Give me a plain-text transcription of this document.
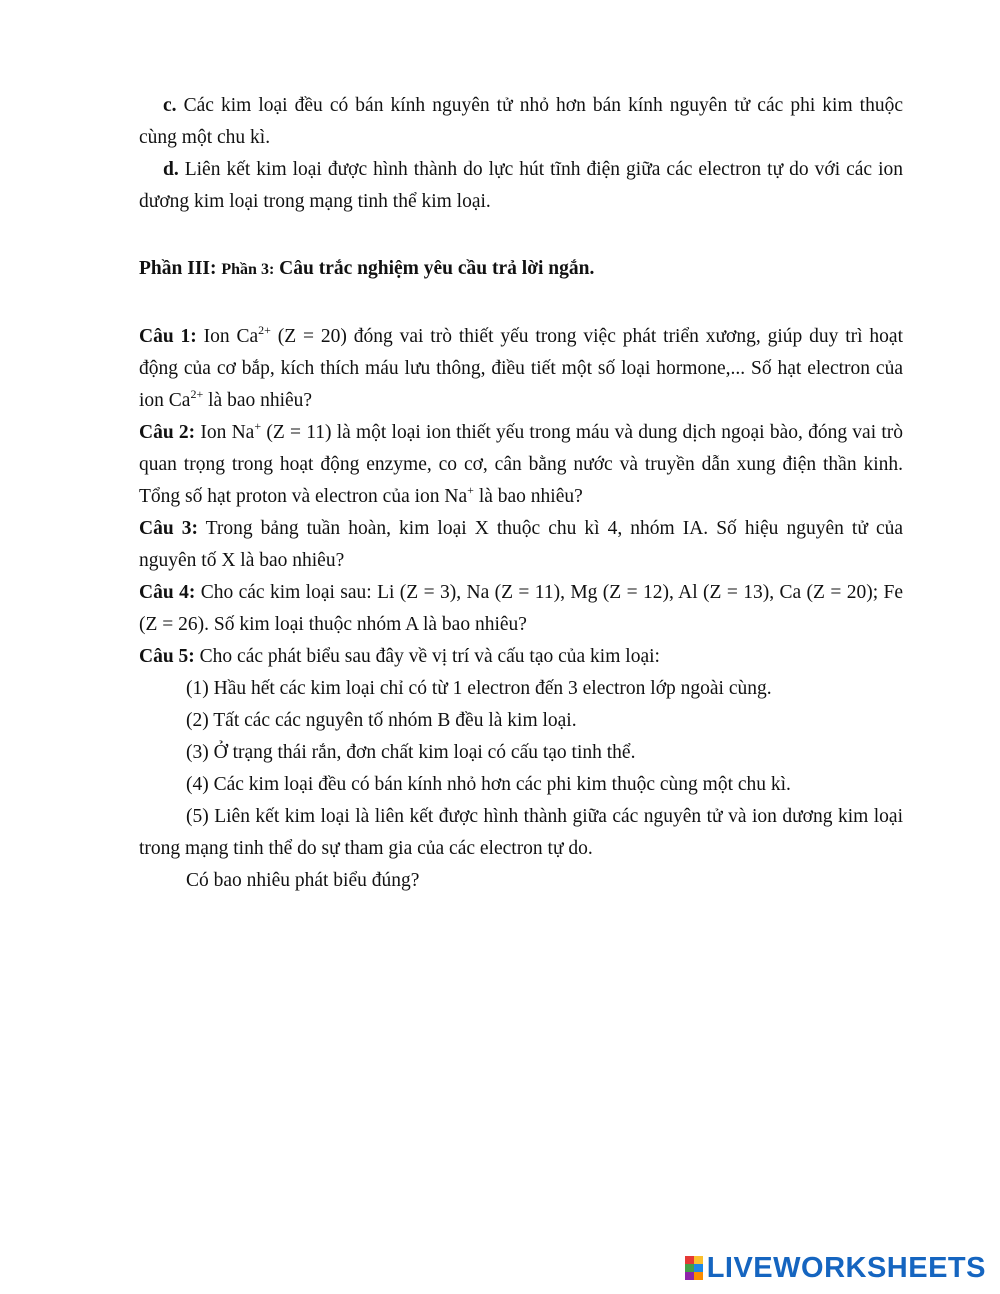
c. Các kim loại đều có bán kính nguyên tử nhỏ hơn bán kính nguyên tử các phi kim thuộc cùng một chu kì.

d. Liên kết kim loại được hình thành do lực hút tĩnh điện giữa các electron tự do với các ion dương kim loại trong mạng tinh thể kim loại.

Phần III: Phần 3: Câu trắc nghiệm yêu cầu trả lời ngắn.

Câu 1: Ion $Ca^{2+}$ (Z = 20) đóng vai trò thiết yếu trong việc phát triển xương, giúp duy trì hoạt động của cơ bắp, kích thích máu lưu thông, điều tiết một số loại hormone,... Số hạt electron của ion $Ca^{2+}$ là bao nhiêu?

Câu 2: Ion Na+ (Z = 11) là một loại ion thiết yếu trong máu và dung dịch ngoại bào, đóng vai trò quan trọng trong hoạt động enzyme, co cơ, cân bằng nước và truyền dẫn xung điện thần kinh. Tổng số hạt proton và electron của ion Na+ là bao nhiêu?

Câu 3: Trong bảng tuần hoàn, kim loại X thuộc chu kì 4, nhóm IA. Số hiệu nguyên tử của nguyên tố X là bao nhiêu?

Câu 4: Cho các kim loại sau: Li (Z = 3), Na (Z = 11), Mg (Z = 12), Al (Z = 13), Ca (Z = 20); Fe (Z = 26). Số kim loại thuộc nhóm A là bao nhiêu?

Câu 5: Cho các phát biểu sau đây về vị trí và cấu tạo của kim loại:

(1) Hầu hết các kim loại chỉ có từ 1 electron đến 3 electron lớp ngoài cùng.

(2) Tất các các nguyên tố nhóm B đều là kim loại.

(3) Ở trạng thái rắn, đơn chất kim loại có cấu tạo tinh thể.

(4) Các kim loại đều có bán kính nhỏ hơn các phi kim thuộc cùng một chu kì.

(5) Liên kết kim loại là liên kết được hình thành giữa các nguyên tử và ion dương kim loại trong mạng tinh thể do sự tham gia của các electron tự do.

Có bao nhiêu phát biểu đúng?

LIVEWORKSHEETS
